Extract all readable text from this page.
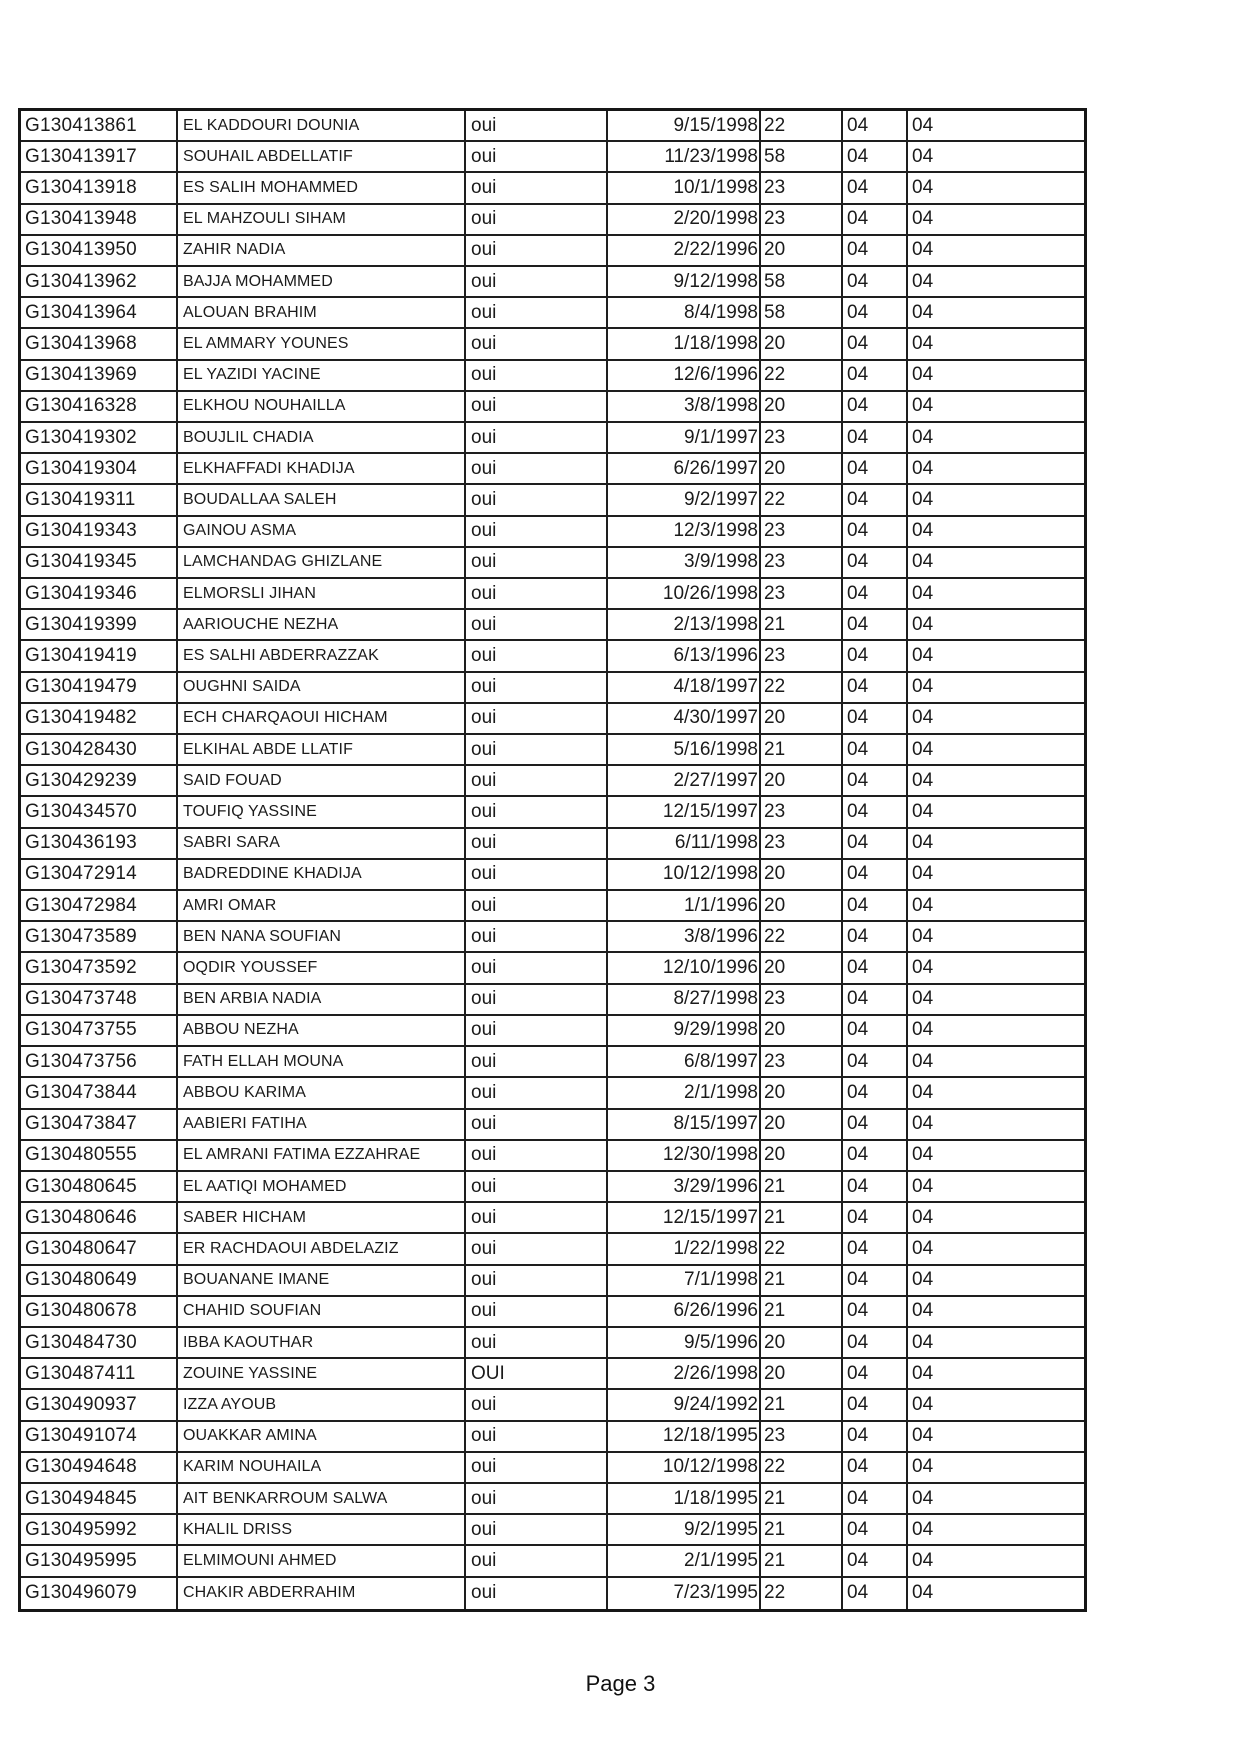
G130413861	EL KADDOURI DOUNIA	oui	9/15/1998 22	04	04
G130413917	SOUHAIL ABDELLATIF	oui	11/23/1998 58	04	04
G130413918	ES SALIH MOHAMMED	oui	10/1/1998 23	04	04
G130413948	EL MAHZOULI SIHAM	oui	2/20/1998 23	04	04
G130413950	ZAHIR NADIA	oui	2/22/1996 20	04	04
G130413962	BAJJA MOHAMMED	oui	9/12/1998 58	04	04
G130413964	ALOUAN BRAHIM	oui	8/4/1998 58	04	04
G130413968	EL AMMARY YOUNES	oui	1/18/1998 20	04	04
G130413969	EL YAZIDI YACINE	oui	12/6/1996 22	04	04
G130416328	ELKHOU NOUHAILLA	oui	3/8/1998 20	04	04
G130419302	BOUJLIL CHADIA	oui	9/1/1997 23	04	04
G130419304	ELKHAFFADI KHADIJA	oui	6/26/1997 20	04	04
G130419311	BOUDALLAA SALEH	oui	9/2/1997 22	04	04
G130419343	GAINOU ASMA	oui	12/3/1998 23	04	04
G130419345	LAMCHANDAG GHIZLANE	oui	3/9/1998 23	04	04
G130419346	ELMORSLI JIHAN	oui	10/26/1998 23	04	04
G130419399	AARIOUCHE NEZHA	oui	2/13/1998 21	04	04
G130419419	ES SALHI ABDERRAZZAK	oui	6/13/1996 23	04	04
G130419479	OUGHNI SAIDA	oui	4/18/1997 22	04	04
G130419482	ECH CHARQAOUI HICHAM	oui	4/30/1997 20	04	04
G130428430	ELKIHAL ABDE LLATIF	oui	5/16/1998 21	04	04
G130429239	SAID FOUAD	oui	2/27/1997 20	04	04
G130434570	TOUFIQ YASSINE	oui	12/15/1997 23	04	04
G130436193	SABRI SARA	oui	6/11/1998 23	04	04
G130472914	BADREDDINE KHADIJA	oui	10/12/1998 20	04	04
G130472984	AMRI OMAR	oui	1/1/1996 20	04	04
G130473589	BEN NANA SOUFIAN	oui	3/8/1996 22	04	04
G130473592	OQDIR YOUSSEF	oui	12/10/1996 20	04	04
G130473748	BEN ARBIA NADIA	oui	8/27/1998 23	04	04
G130473755	ABBOU NEZHA	oui	9/29/1998 20	04	04
G130473756	FATH ELLAH MOUNA	oui	6/8/1997 23	04	04
G130473844	ABBOU KARIMA	oui	2/1/1998 20	04	04
G130473847	AABIERI FATIHA	oui	8/15/1997 20	04	04
G130480555	EL AMRANI FATIMA EZZAHRAE	oui	12/30/1998 20	04	04
G130480645	EL AATIQI MOHAMED	oui	3/29/1996 21	04	04
G130480646	SABER HICHAM	oui	12/15/1997 21	04	04
G130480647	ER RACHDAOUI ABDELAZIZ	oui	1/22/1998 22	04	04
G130480649	BOUANANE IMANE	oui	7/1/1998 21	04	04
G130480678	CHAHID SOUFIAN	oui	6/26/1996 21	04	04
G130484730	IBBA KAOUTHAR	oui	9/5/1996 20	04	04
G130487411	ZOUINE YASSINE	OUI	2/26/1998 20	04	04
G130490937	IZZA AYOUB	oui	9/24/1992 21	04	04
G130491074	OUAKKAR AMINA	oui	12/18/1995 23	04	04
G130494648	KARIM NOUHAILA	oui	10/12/1998 22	04	04
G130494845	AIT BENKARROUM SALWA	oui	1/18/1995 21	04	04
G130495992	KHALIL DRISS	oui	9/2/1995 21	04	04
G130495995	ELMIMOUNI AHMED	oui	2/1/1995 21	04	04
G130496079	CHAKIR ABDERRAHIM	oui	7/23/1995 22	04	04
Page 3
